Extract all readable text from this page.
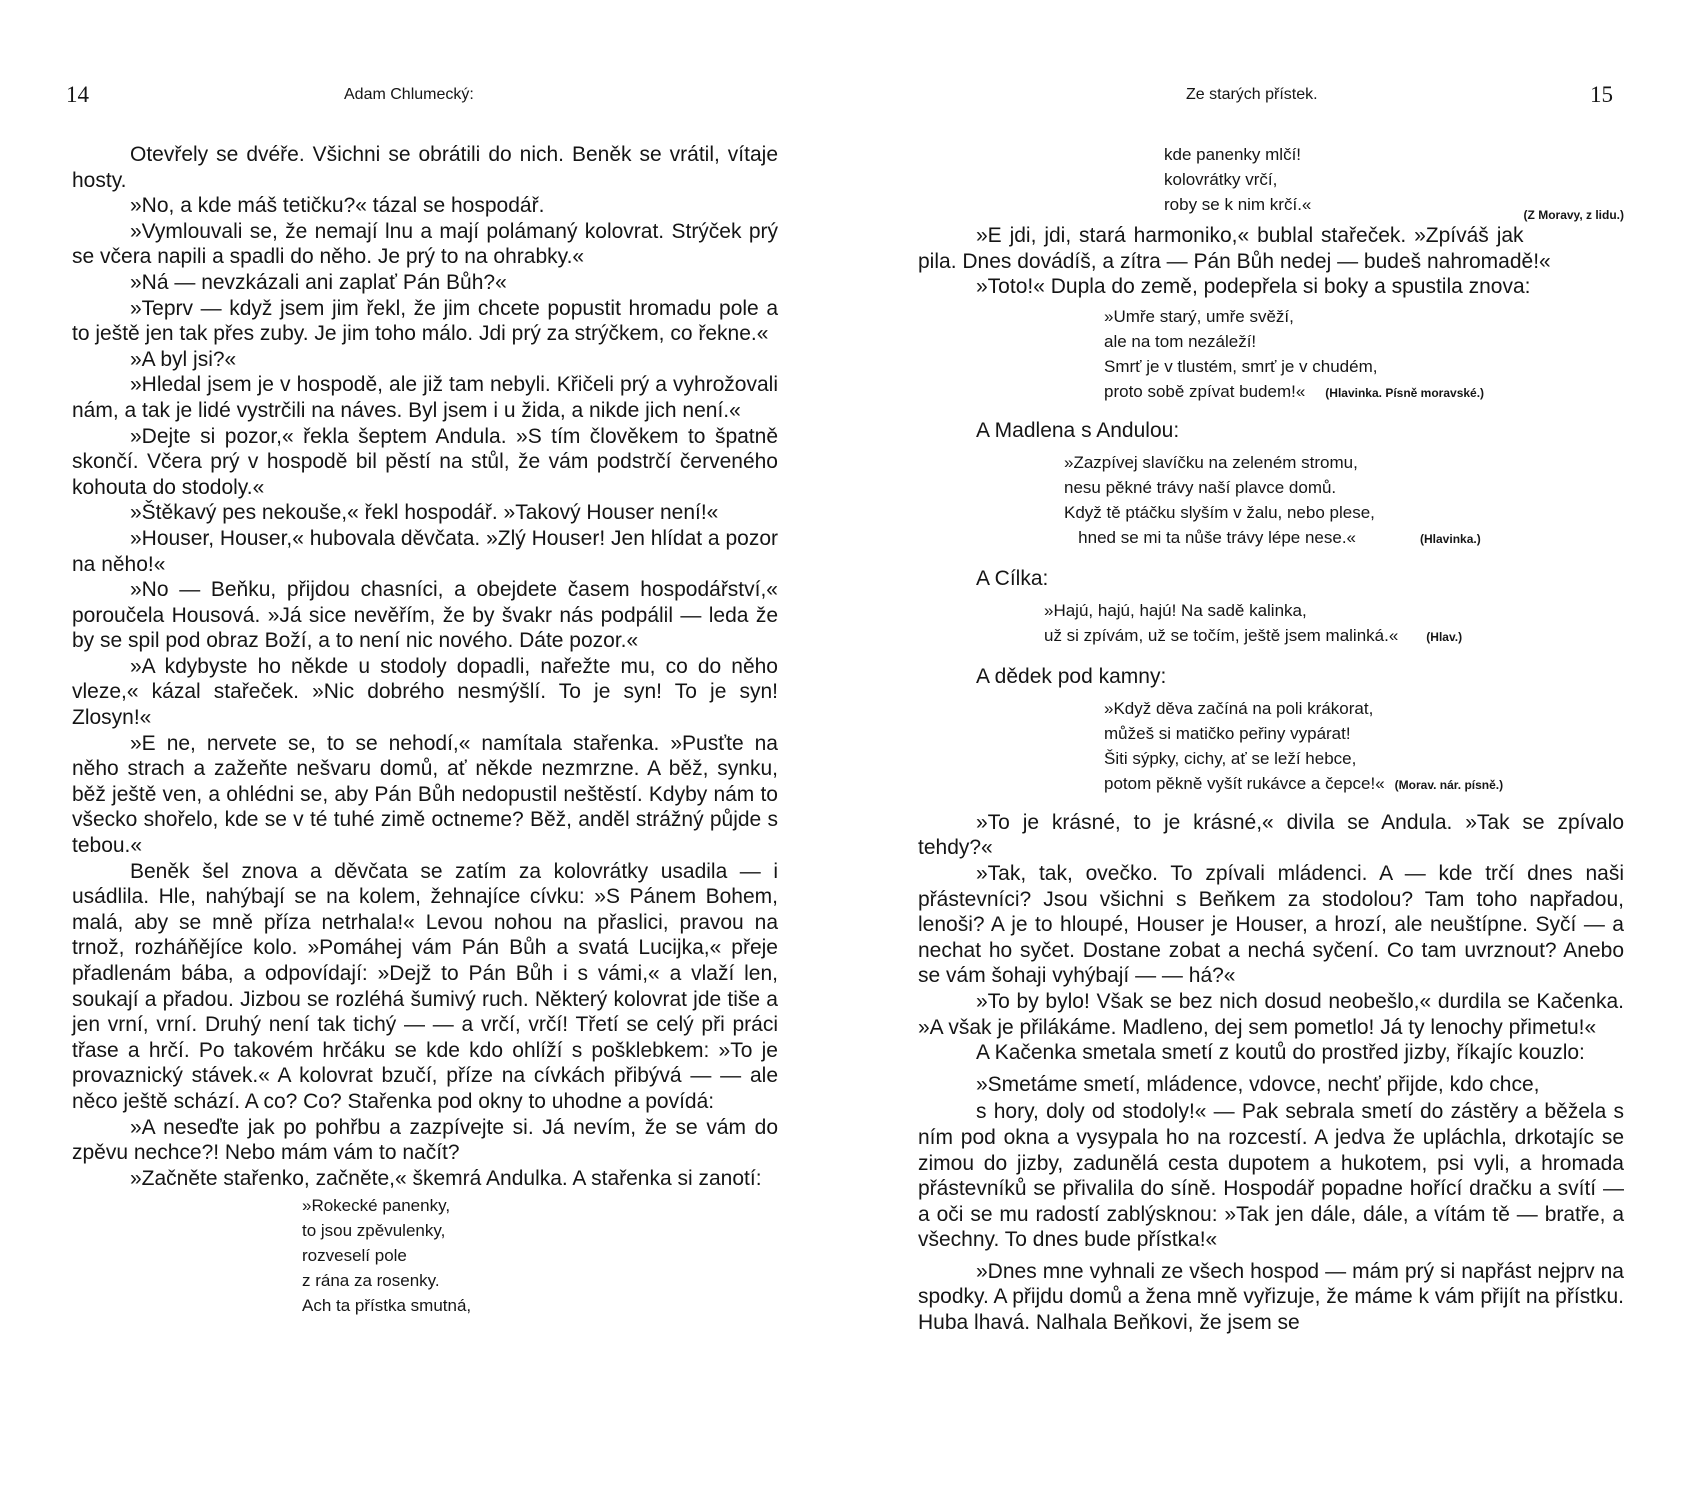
14	Adam Chlumecký:

Otevřely se dvéře. Všichni se obrátili do nich. Beněk se vrátil, vítaje hosty.

»No, a kde máš tetičku?« tázal se hospodář.

»Vymlouvali se, že nemají lnu a mají polámaný kolovrat. Strýček prý se včera napili a spadli do něho. Je prý to na ohrabky.«

»Ná — nevzkázali ani zaplať Pán Bůh?«

»Teprv — když jsem jim řekl, že jim chcete popustit hromadu pole a to ještě jen tak přes zuby. Je jim toho málo. Jdi prý za strýčkem, co řekne.«

»A byl jsi?«

»Hledal jsem je v hospodě, ale již tam nebyli. Křičeli prý a vyhrožovali nám, a tak je lidé vystrčili na náves. Byl jsem i u žida, a nikde jich není.«

»Dejte si pozor,« řekla šeptem Andula. »S tím člověkem to špatně skončí. Včera prý v hospodě bil pěstí na stůl, že vám podstrčí červeného kohouta do stodoly.«

»Štěkavý pes nekouše,« řekl hospodář. »Takový Houser není!«

»Houser, Houser,« hubovala děvčata. »Zlý Houser! Jen hlídat a pozor na něho!«

»No — Beňku, přijdou chasníci, a obejdete časem hospodářství,« poroučela Housová. »Já sice nevěřím, že by švakr nás podpálil — leda že by se spil pod obraz Boží, a to není nic nového. Dáte pozor.«

»A kdybyste ho někde u stodoly dopadli, nařežte mu, co do něho vleze,« kázal stařeček. »Nic dobrého nesmýšlí. To je syn! To je syn! Zlosyn!«

»E ne, nervete se, to se nehodí,« namítala stařenka. »Pusťte na něho strach a zažeňte nešvaru domů, ať někde nezmrzne. A běž, synku, běž ještě ven, a ohlédni se, aby Pán Bůh nedopustil neštěstí. Kdyby nám to všecko shořelo, kde se v té tuhé zimě octneme? Běž, anděl strážný půjde s tebou.«

Beněk šel znova a děvčata se zatím za kolovrátky usadila — i usádlila. Hle, nahýbají se na kolem, žehnajíce cívku: »S Pánem Bohem, malá, aby se mně příza netrhala!« Levou nohou na přaslici, pravou na trnož, rozháňějíce kolo. »Pomáhej vám Pán Bůh a svatá Lucijka,« přeje přadlenám bába, a odpovídají: »Dejž to Pán Bůh i s vámi,« a vlaží len, soukají a přadou. Jizbou se rozléhá šumivý ruch. Některý kolovrat jde tiše a jen vrní, vrní. Druhý není tak tichý — — a vrčí, vrčí! Třetí se celý při práci třase a hrčí. Po takovém hrčáku se kde kdo ohlíží s pošklebkem: »To je provaznický stávek.« A kolovrat bzučí, příze na cívkách přibývá — — ale něco ještě schází. A co? Co? Stařenka pod okny to uhodne a povídá:

»A neseďte jak po pohřbu a zazpívejte si. Já nevím, že se vám do zpěvu nechce?! Nebo mám vám to načít?

»Začněte stařenko, začněte,« škemrá Andulka. A stařenka si zanotí:

»Rokecké panenky,
to jsou zpěvulenky,
rozveselí pole
z rána za rosenky.
Ach ta přístka smutná,
Ze starých přístek.	15
kde panenky mlčí!
kolovrátky vrčí,
roby se k nim krčí.«
(Z Moravy, z lidu.)

»E jdi, jdi, stará harmoniko,« bublal stařeček. »Zpíváš jak pila. Dnes dovádíš, a zítra — Pán Bůh nedej — budeš nahromadě!«

»Toto!« Dupla do země, podepřela si boky a spustila znova:

»Umře starý, umře svěží,
ale na tom nezáleží!
Smrť je v tlustém, smrť je v chudém,
proto sobě zpívat budem!« (Hlavinka. Písně moravské.)
A Madlena s Andulou:
»Zazpívej slavíčku na zeleném stromu,
nesu pěkné trávy naší plavce domů.
Když tě ptáčku slyším v žalu, nebo plese,
hned se mi ta nůše trávy lépe nese.«	(Hlavinka.)
A Cílka:
»Hajú, hajú, hajú! Na sadě kalinka,
už si zpívám, už se točím, ještě jsem malinká.« (Hlav.)
A dědek pod kamny:
»Když děva začíná na poli krákorat,
můžeš si matičko peřiny vypárat!
Šiti sýpky, cichy, ať se leží hebce,
potom pěkně vyšít rukávce a čepce!« (Morav. nár. písně.)

»To je krásné, to je krásné,« divila se Andula. »Tak se zpívalo tehdy?«

»Tak, tak, ovečko. To zpívali mládenci. A — kde trčí dnes naši přástevníci? Jsou všichni s Beňkem za stodolou? Tam toho napřadou, lenoši? A je to hloupé, Houser je Houser, a hrozí, ale neuštípne. Syčí — a nechat ho syčet. Dostane zobat a nechá syčení. Co tam uvrznout? Anebo se vám šohaji vyhýbají — — há?«

»To by bylo! Však se bez nich dosud neobešlo,« durdila se Kačenka. »A však je přilákáme. Madleno, dej sem pometlo! Já ty lenochy přimetu!«

A Kačenka smetala smetí z koutů do prostřed jizby, říkajíc kouzlo:

»Smetáme smetí, mládence, vdovce, nechť přijde, kdo chce,

s hory, doly od stodoly!« — Pak sebrala smetí do zástěry a běžela s ním pod okna a vysypala ho na rozcestí. A jedva že upláchla, drkotajíc se zimou do jizby, zadunělá cesta dupotem a hukotem, psi vyli, a hromada přástevníků se přivalila do síně. Hospodář popadne hořící dračku a svítí — a oči se mu radostí zablýsknou: »Tak jen dále, dále, a vítám tě — bratře, a všechny. To dnes bude přístka!«

»Dnes mne vyhnali ze všech hospod — mám prý si napřást nejprv na spodky. A přijdu domů a žena mně vyřizuje, že máme k vám přijít na přístku. Huba lhavá. Nalhala Beňkovi, že jsem se
